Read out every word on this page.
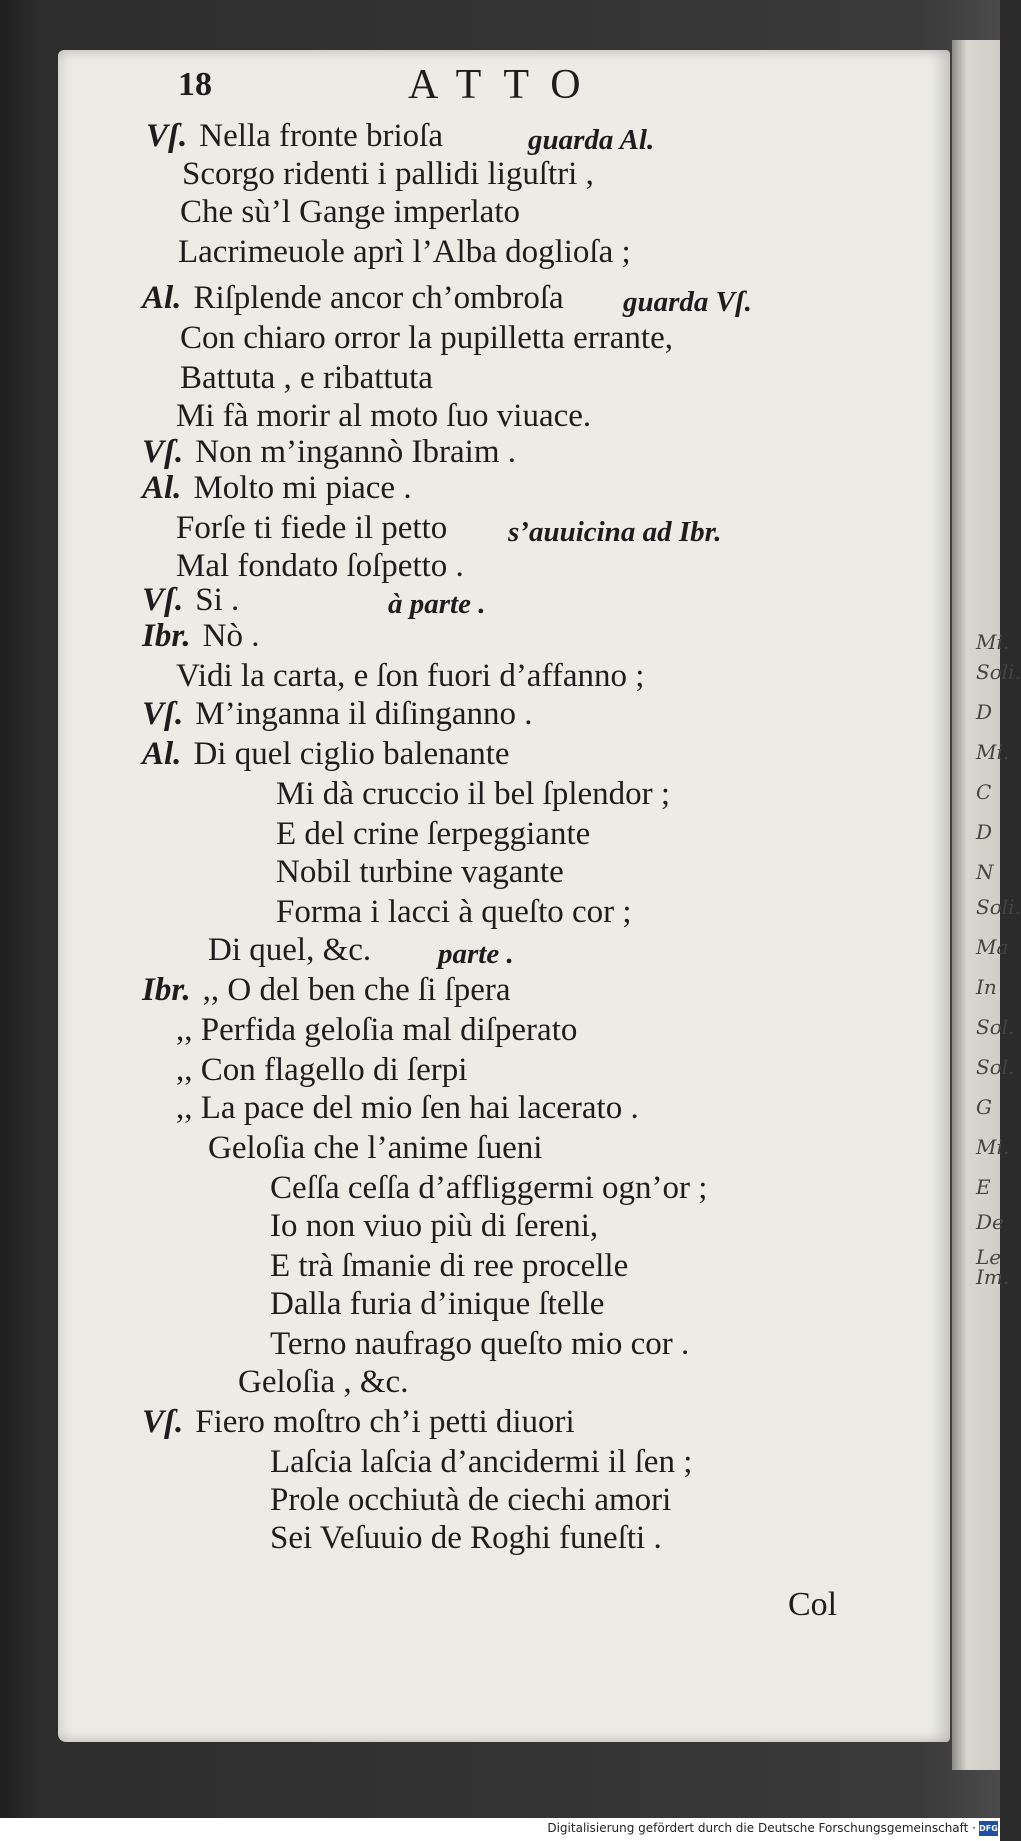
Mi.
Soli.
D
Mi.
C
D
N
Soli.
Ma
In
Sol.
Sol.
G
Mi.
E
De
Le
Im.
18	ATTO
Col
Vſ. Nella fronte brioſa	guarda Al.
Scorgo ridenti i pallidi liguſtri ,
Che sù’l Gange imperlato
Lacrimeuole aprì l’Alba doglioſa ;
Al. Riſplende ancor ch’ombroſa guarda Vſ.
Con chiaro orror la pupilletta errante,
Battuta , e ribattuta
Mi fà morir al moto ſuo viuace.
Vſ. Non m’ingannò Ibraim .
Al. Molto mi piace .
Forſe ti fiede il petto s’auuicina ad Ibr.
Mal fondato ſoſpetto .
Vſ. Si .	à parte .
Ibr. Nò .
Vidi la carta, e ſon fuori d’affanno ;
Vſ. M’inganna il diſinganno .
Al. Di quel ciglio balenante
Mi dà cruccio il bel ſplendor ;
E del crine ſerpeggiante
Nobil turbine vagante
Forma i lacci à queſto cor ;
Di quel, &c. parte .
Ibr. ,, O del ben che ſi ſpera
,, Perfida geloſia mal diſperato
,, Con flagello di ſerpi
,, La pace del mio ſen hai lacerato .
Geloſia che l’anime ſueni
Ceſſa ceſſa d’affliggermi ogn’or ;
Io non viuo più di ſereni,
E trà ſmanie di ree procelle
Dalla furia d’inique ſtelle
Terno naufrago queſto mio cor .
Geloſia , &c.
Vſ. Fiero moſtro ch’i petti diuori
Laſcia laſcia d’ancidermi il ſen ;
Prole occhiutà de ciechi amori
Sei Veſuuio de Roghi funeſti .
Digitalisierung gefördert durch die Deutsche Forschungsgemeinschaft · DFG
